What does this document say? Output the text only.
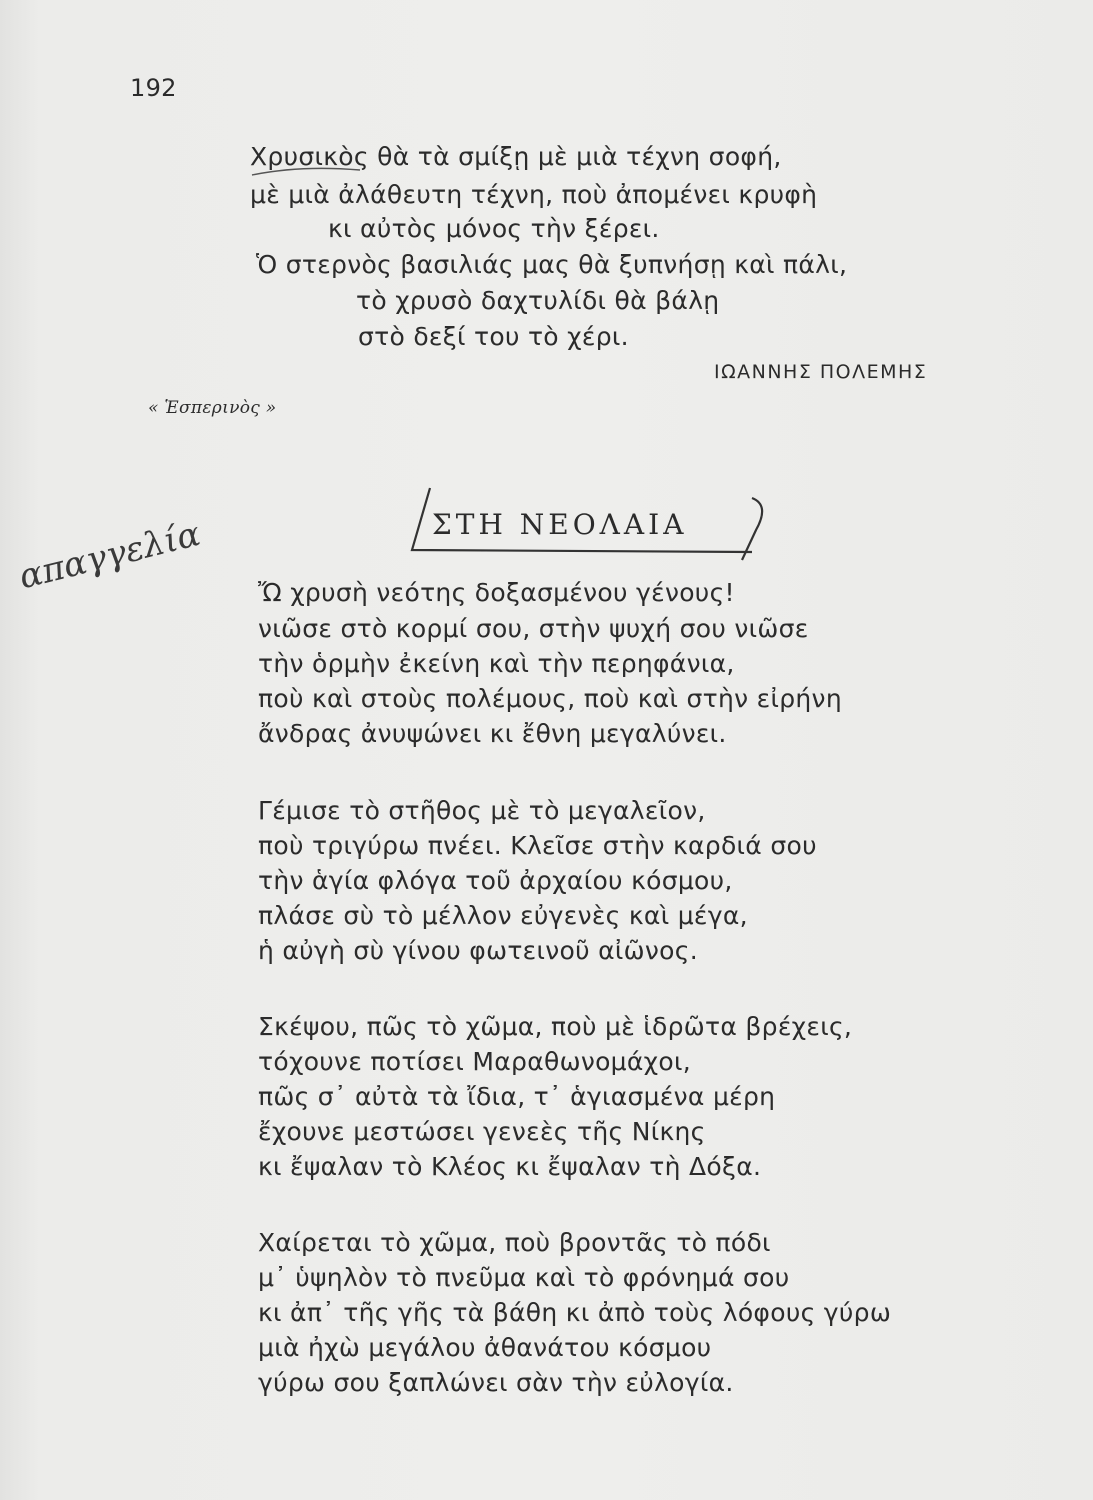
192
Χρυσικὸς θὰ τὰ σμίξῃ μὲ μιὰ τέχνη σοφή,
μὲ μιὰ ἀλάθευτη τέχνη, ποὺ ἀπομένει κρυφὴ
κι αὐτὸς μόνος τὴν ξέρει.
Ὁ στερνὸς βασιλιάς μας θὰ ξυπνήσῃ καὶ πάλι,
τὸ χρυσὸ δαχτυλίδι θὰ βάλῃ
στὸ δεξί του τὸ χέρι.
ΙΩΑΝΝΗΣ ΠΟΛΕΜΗΣ
« Ἑσπερινὸς »
ΣΤΗ ΝΕΟΛΑΙΑ
απαγγελία Ὤ χρυσὴ νεότης δοξασμένου γένους!
νιῶσε στὸ κορμί σου, στὴν ψυχή σου νιῶσε
τὴν ὁρμὴν ἐκείνη καὶ τὴν περηφάνια,
ποὺ καὶ στοὺς πολέμους, ποὺ καὶ στὴν εἰρήνη
ἄνδρας ἀνυψώνει κι ἔθνη μεγαλύνει.
Γέμισε τὸ στῆθος μὲ τὸ μεγαλεῖον,
ποὺ τριγύρω πνέει. Κλεῖσε στὴν καρδιά σου
τὴν ἁγία φλόγα τοῦ ἀρχαίου κόσμου,
πλάσε σὺ τὸ μέλλον εὐγενὲς καὶ μέγα,
ἡ αὐγὴ σὺ γίνου φωτεινοῦ αἰῶνος.
Σκέψου, πῶς τὸ χῶμα, ποὺ μὲ ἱδρῶτα βρέχεις,
τόχουνε ποτίσει Μαραθωνομάχοι,
πῶς σ᾿ αὐτὰ τὰ ἴδια, τ᾿ ἁγιασμένα μέρη
ἔχουνε μεστώσει γενεὲς τῆς Νίκης
κι ἔψαλαν τὸ Κλέος κι ἔψαλαν τὴ Δόξα.
Χαίρεται τὸ χῶμα, ποὺ βροντᾶς τὸ πόδι
μ᾿ ὑψηλὸν τὸ πνεῦμα καὶ τὸ φρόνημά σου
κι ἀπ᾿ τῆς γῆς τὰ βάθη κι ἀπὸ τοὺς λόφους γύρω
μιὰ ἠχὼ μεγάλου ἀθανάτου κόσμου
γύρω σου ξαπλώνει σὰν τὴν εὐλογία.
